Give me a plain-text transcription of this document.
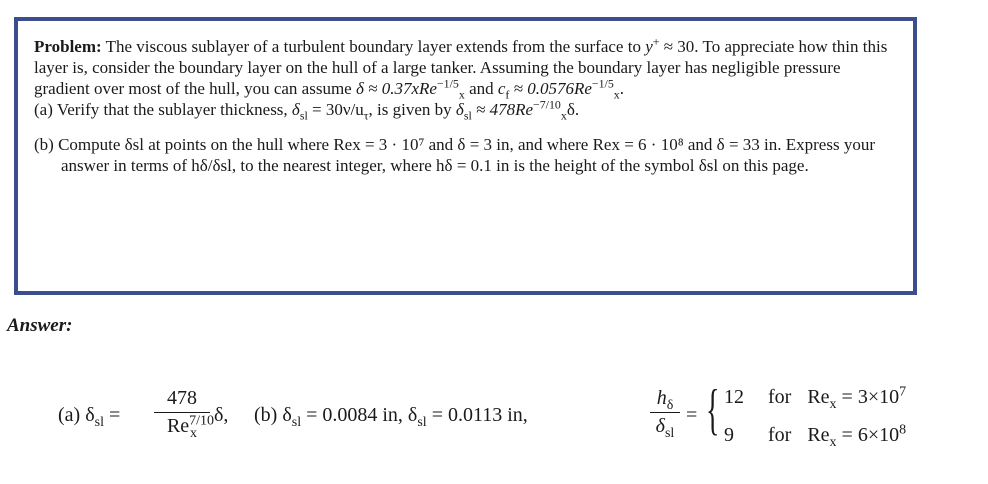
Problem: The viscous sublayer of a turbulent boundary layer extends from the surface to y+ ≈ 30. To appreciate how thin this layer is, consider the boundary layer on the hull of a large tanker. Assuming the boundary layer has negligible pressure gradient over most of the hull, you can assume δ ≈ 0.37xRe$^{-1/5}_x$ and $c_f \approx 0.0576Re^{-1/5}_x$.

(a) Verify that the sublayer thickness, $\delta_{sl} = 30\nu/u_\tau$, is given by $\delta_{sl} \approx 478Re^{-7/10}_x\delta$.

(b) Compute δsl at points on the hull where Rex = 3 · 10⁷ and δ = 3 in, and where Rex = 6 · 10⁸ and δ = 33 in. Express your answer in terms of hδ/δsl, to the nearest integer, where hδ = 0.1 in is the height of the symbol δsl on this page.

Answer:
(a) $\delta_{sl}$ =
478
$Re^{7/10}_x$
δ, (b) $\delta_{sl} = 0.0084$ in, $\delta_{sl} = 0.0113$ in,
$h_\delta$
$\delta_{sl}$
= { 12 for $Re_x = 3\times 10^7$
9 for $Re_x = 6\times 10^8$
